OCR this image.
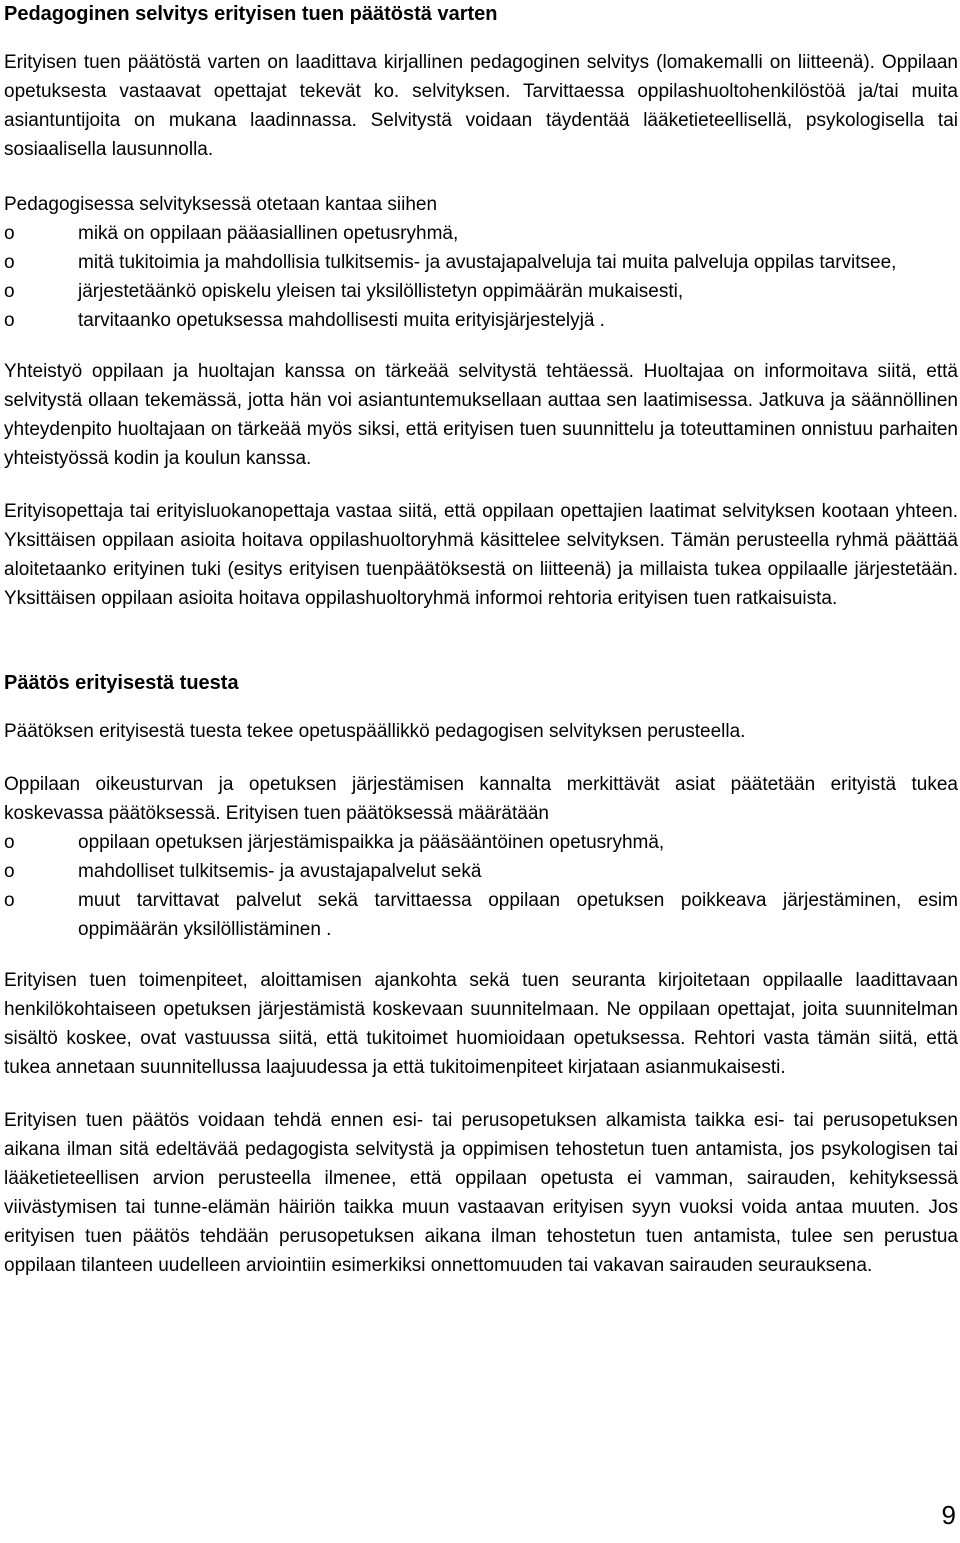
Pedagoginen selvitys erityisen tuen päätöstä varten

Erityisen tuen päätöstä varten on laadittava kirjallinen pedagoginen selvitys (lomakemalli on liitteenä). Oppilaan opetuksesta vastaavat opettajat tekevät ko. selvityksen. Tarvittaessa oppilashuoltohenkilöstöä ja/tai muita asiantuntijoita on mukana laadinnassa. Selvitystä voidaan täydentää lääketieteellisellä, psykologisella tai sosiaalisella lausunnolla.

Pedagogisessa selvityksessä otetaan kantaa siihen

o	mikä on oppilaan pääasiallinen opetusryhmä,
o	mitä tukitoimia ja mahdollisia tulkitsemis- ja avustajapalveluja tai muita palveluja oppilas tarvitsee,
o	järjestetäänkö opiskelu yleisen tai yksilöllistetyn oppimäärän mukaisesti,
o	tarvitaanko opetuksessa mahdollisesti muita erityisjärjestelyjä .

Yhteistyö oppilaan ja huoltajan kanssa on tärkeää selvitystä tehtäessä. Huoltajaa on informoitava siitä, että selvitystä ollaan tekemässä, jotta hän voi asiantuntemuksellaan auttaa sen laatimisessa. Jatkuva ja säännöllinen yhteydenpito huoltajaan on tärkeää myös siksi, että erityisen tuen suunnittelu ja toteuttaminen onnistuu parhaiten yhteistyössä kodin ja koulun kanssa.

Erityisopettaja tai erityisluokanopettaja vastaa siitä, että oppilaan opettajien laatimat selvityksen kootaan yhteen. Yksittäisen oppilaan asioita hoitava oppilashuoltoryhmä käsittelee selvityksen. Tämän perusteella ryhmä päättää aloitetaanko erityinen tuki (esitys erityisen tuenpäätöksestä on liitteenä) ja millaista tukea oppilaalle järjestetään. Yksittäisen oppilaan asioita hoitava oppilashuoltoryhmä informoi rehtoria erityisen tuen ratkaisuista.

Päätös erityisestä tuesta

Päätöksen erityisestä tuesta tekee opetuspäällikkö pedagogisen selvityksen perusteella.

Oppilaan oikeusturvan ja opetuksen järjestämisen kannalta merkittävät asiat päätetään erityistä tukea koskevassa päätöksessä. Erityisen tuen päätöksessä määrätään

o	oppilaan opetuksen järjestämispaikka ja pääsääntöinen opetusryhmä,
o	mahdolliset tulkitsemis- ja avustajapalvelut sekä
o	muut tarvittavat palvelut sekä tarvittaessa oppilaan opetuksen poikkeava järjestäminen, esim oppimäärän yksilöllistäminen .

Erityisen tuen toimenpiteet, aloittamisen ajankohta sekä tuen seuranta kirjoitetaan oppilaalle laadittavaan henkilökohtaiseen opetuksen järjestämistä koskevaan suunnitelmaan. Ne oppilaan opettajat, joita suunnitelman sisältö koskee, ovat vastuussa siitä, että tukitoimet huomioidaan opetuksessa. Rehtori vasta tämän siitä, että tukea annetaan suunnitellussa laajuudessa ja että tukitoimenpiteet kirjataan asianmukaisesti.

Erityisen tuen päätös voidaan tehdä ennen esi- tai perusopetuksen alkamista taikka esi- tai perusopetuksen aikana ilman sitä edeltävää pedagogista selvitystä ja oppimisen tehostetun tuen antamista, jos psykologisen tai lääketieteellisen arvion perusteella ilmenee, että oppilaan opetusta ei vamman, sairauden, kehityksessä viivästymisen tai tunne-elämän häiriön taikka muun vastaavan erityisen syyn vuoksi voida antaa muuten. Jos erityisen tuen päätös tehdään perusopetuksen aikana ilman tehostetun tuen antamista, tulee sen perustua oppilaan tilanteen uudelleen arviointiin esimerkiksi onnettomuuden tai vakavan sairauden seurauksena.

9
